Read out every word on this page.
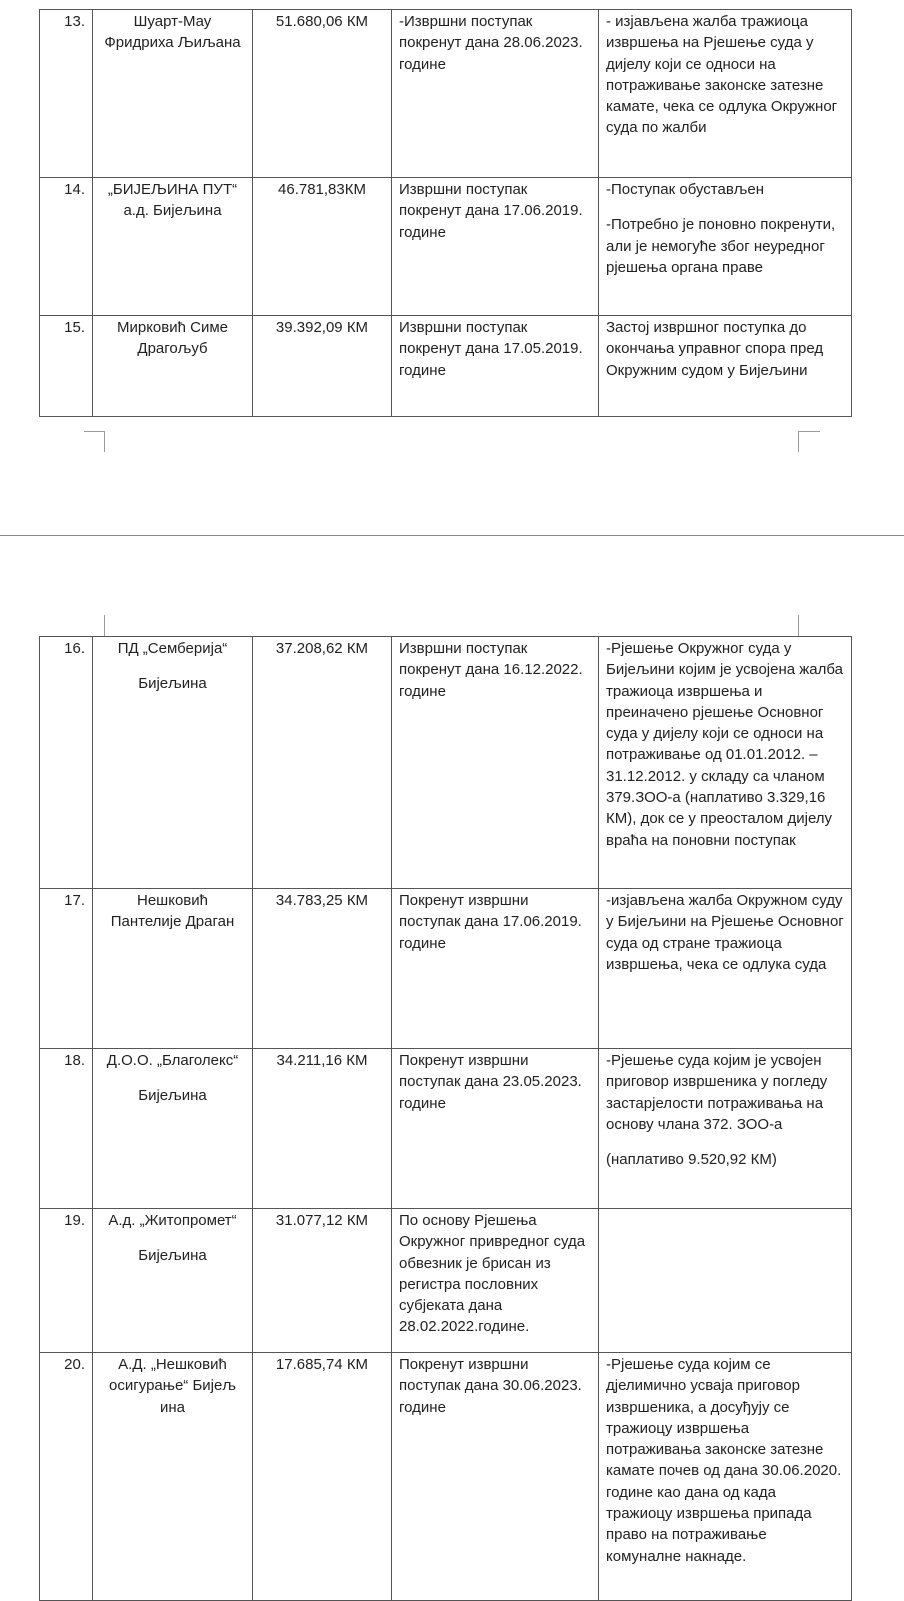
13.	Шуарт-Мау Фридриха Љиљана	51.680,06 КМ	-Извршни поступак покренут дана 28.06.2023. године	- изјављена жалба тражиоца извршења на Рјешење суда у дијелу који се односи на потраживање законске затезне камате, чека се одлука Окружног суда по жалби

14.	„БИЈЕЉИНА ПУТ“ а.д. Бијељина	46.781,83КМ	Извршни поступак покренут дана 17.06.2019. године	-Поступак обустављен
-Потребно је поновно покренути, али је немогуће због неуредног рјешења органа праве

15.	Мирковић Симе Драгољуб	39.392,09 КМ	Извршни поступак покренут дана 17.05.2019. године	Застој извршног поступка до окончања управног спора пред Окружним судом у Бијељини
16.	ПД „Семберија“
Бијељина	37.208,62 КМ	Извршни поступак покренут дана 16.12.2022. године	-Рјешење Окружног суда у Бијељини којим је усвојена жалба тражиоца извршења и преиначено рјешење Основног суда у дијелу који се односи на потраживање од 01.01.2012. – 31.12.2012. у складу са чланом 379.ЗОО-а (наплативо 3.329,16 КМ), док се у преосталом дијелу враћа на поновни поступак

17.	Нешковић Пантелије Драган	34.783,25 КМ	Покренут извршни поступак дана 17.06.2019. године	-изјављена жалба Окружном суду у Бијељини на Рјешење Основног суда од стране тражиоца извршења, чека се одлука суда

18.	Д.О.О. „Благолекс“
Бијељина	34.211,16 КМ	Покренут извршни поступак дана 23.05.2023. године	-Рјешење суда којим је усвојен приговор извршеника у погледу застарјелости потраживања на основу члана 372. ЗОО-а
(наплативо 9.520,92 КМ)

19.	А.д. „Житопромет“
Бијељина	31.077,12 КМ	По основу Рјешења Окружног привредног суда обвезник је брисан из регистра пословних субјеката дана 28.02.2022.године.	
20.	А.Д. „Нешковић осигурање“ Бијељ ина	17.685,74 КМ	Покренут извршни поступак дана 30.06.2023. године	-Рјешење суда којим се дјелимично усваја приговор извршеника, а досуђују се тражиоцу извршења потраживања законске затезне камате почев од дана 30.06.2020. године као дана од када тражиоцу извршења припада право на потраживање комуналне накнаде.
